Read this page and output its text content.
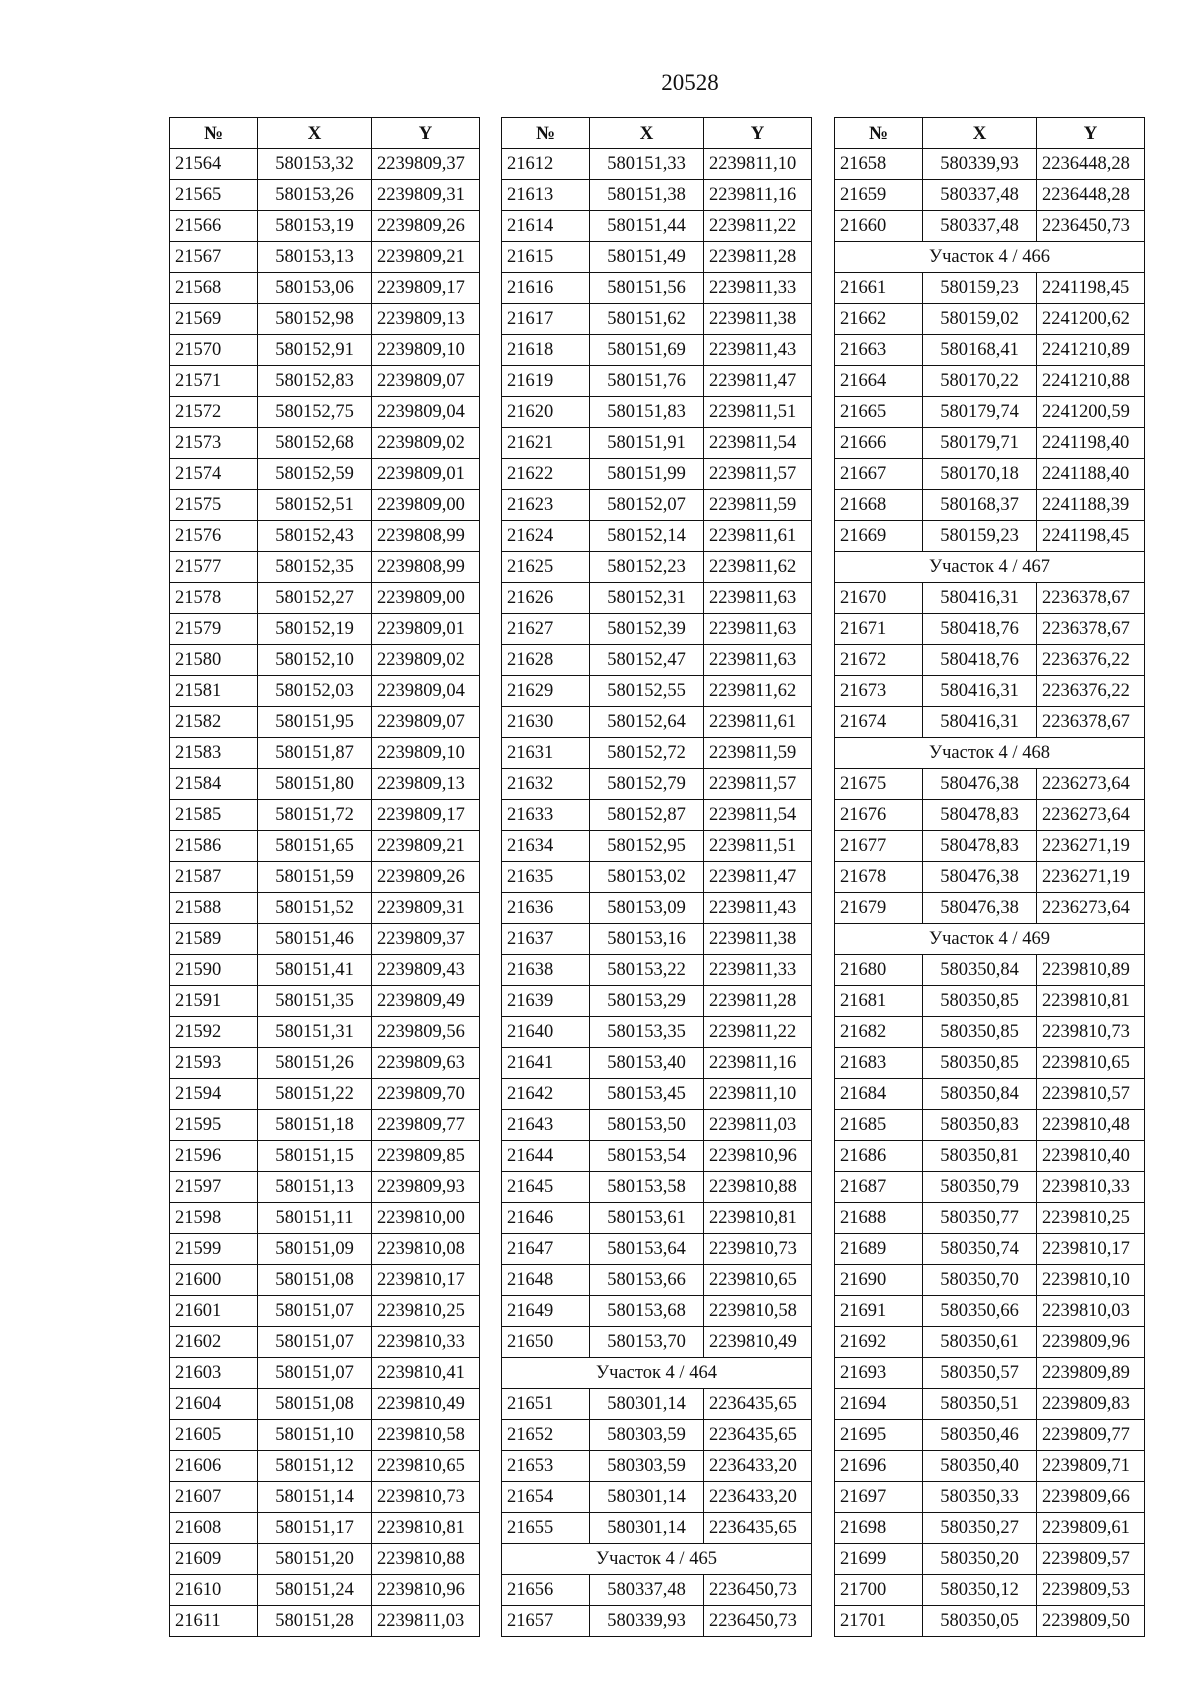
20528
№	X	Y
21564	580153,32	2239809,37
21565	580153,26	2239809,31
21566	580153,19	2239809,26
21567	580153,13	2239809,21
21568	580153,06	2239809,17
21569	580152,98	2239809,13
21570	580152,91	2239809,10
21571	580152,83	2239809,07
21572	580152,75	2239809,04
21573	580152,68	2239809,02
21574	580152,59	2239809,01
21575	580152,51	2239809,00
21576	580152,43	2239808,99
21577	580152,35	2239808,99
21578	580152,27	2239809,00
21579	580152,19	2239809,01
21580	580152,10	2239809,02
21581	580152,03	2239809,04
21582	580151,95	2239809,07
21583	580151,87	2239809,10
21584	580151,80	2239809,13
21585	580151,72	2239809,17
21586	580151,65	2239809,21
21587	580151,59	2239809,26
21588	580151,52	2239809,31
21589	580151,46	2239809,37
21590	580151,41	2239809,43
21591	580151,35	2239809,49
21592	580151,31	2239809,56
21593	580151,26	2239809,63
21594	580151,22	2239809,70
21595	580151,18	2239809,77
21596	580151,15	2239809,85
21597	580151,13	2239809,93
21598	580151,11	2239810,00
21599	580151,09	2239810,08
21600	580151,08	2239810,17
21601	580151,07	2239810,25
21602	580151,07	2239810,33
21603	580151,07	2239810,41
21604	580151,08	2239810,49
21605	580151,10	2239810,58
21606	580151,12	2239810,65
21607	580151,14	2239810,73
21608	580151,17	2239810,81
21609	580151,20	2239810,88
21610	580151,24	2239810,96
21611	580151,28	2239811,03
№	X	Y
21612	580151,33	2239811,10
21613	580151,38	2239811,16
21614	580151,44	2239811,22
21615	580151,49	2239811,28
21616	580151,56	2239811,33
21617	580151,62	2239811,38
21618	580151,69	2239811,43
21619	580151,76	2239811,47
21620	580151,83	2239811,51
21621	580151,91	2239811,54
21622	580151,99	2239811,57
21623	580152,07	2239811,59
21624	580152,14	2239811,61
21625	580152,23	2239811,62
21626	580152,31	2239811,63
21627	580152,39	2239811,63
21628	580152,47	2239811,63
21629	580152,55	2239811,62
21630	580152,64	2239811,61
21631	580152,72	2239811,59
21632	580152,79	2239811,57
21633	580152,87	2239811,54
21634	580152,95	2239811,51
21635	580153,02	2239811,47
21636	580153,09	2239811,43
21637	580153,16	2239811,38
21638	580153,22	2239811,33
21639	580153,29	2239811,28
21640	580153,35	2239811,22
21641	580153,40	2239811,16
21642	580153,45	2239811,10
21643	580153,50	2239811,03
21644	580153,54	2239810,96
21645	580153,58	2239810,88
21646	580153,61	2239810,81
21647	580153,64	2239810,73
21648	580153,66	2239810,65
21649	580153,68	2239810,58
21650	580153,70	2239810,49
Участок 4 / 464		
21651	580301,14	2236435,65
21652	580303,59	2236435,65
21653	580303,59	2236433,20
21654	580301,14	2236433,20
21655	580301,14	2236435,65
Участок 4 / 465		
21656	580337,48	2236450,73
21657	580339,93	2236450,73
№	X	Y
21658	580339,93	2236448,28
21659	580337,48	2236448,28
21660	580337,48	2236450,73
Участок 4 / 466		
21661	580159,23	2241198,45
21662	580159,02	2241200,62
21663	580168,41	2241210,89
21664	580170,22	2241210,88
21665	580179,74	2241200,59
21666	580179,71	2241198,40
21667	580170,18	2241188,40
21668	580168,37	2241188,39
21669	580159,23	2241198,45
Участок 4 / 467		
21670	580416,31	2236378,67
21671	580418,76	2236378,67
21672	580418,76	2236376,22
21673	580416,31	2236376,22
21674	580416,31	2236378,67
Участок 4 / 468		
21675	580476,38	2236273,64
21676	580478,83	2236273,64
21677	580478,83	2236271,19
21678	580476,38	2236271,19
21679	580476,38	2236273,64
Участок 4 / 469		
21680	580350,84	2239810,89
21681	580350,85	2239810,81
21682	580350,85	2239810,73
21683	580350,85	2239810,65
21684	580350,84	2239810,57
21685	580350,83	2239810,48
21686	580350,81	2239810,40
21687	580350,79	2239810,33
21688	580350,77	2239810,25
21689	580350,74	2239810,17
21690	580350,70	2239810,10
21691	580350,66	2239810,03
21692	580350,61	2239809,96
21693	580350,57	2239809,89
21694	580350,51	2239809,83
21695	580350,46	2239809,77
21696	580350,40	2239809,71
21697	580350,33	2239809,66
21698	580350,27	2239809,61
21699	580350,20	2239809,57
21700	580350,12	2239809,53
21701	580350,05	2239809,50
